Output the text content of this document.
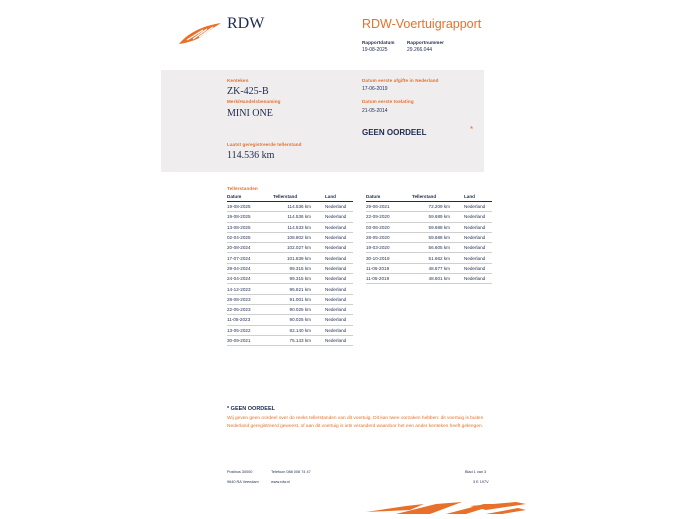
RDW	RDW-Voertuigrapport
Rapportdatum
19-08-2025
Rapportnummer
29.266.044
Kenteken
ZK-425-B
Merk/Handelsbenaming
MINI ONE
Laatst geregistreerde tellerstand
114.536 km
Datum eerste afgifte in Nederland
17-06-2019
Datum eerste toelating
21-05-2014
GEEN OORDEEL	*
Tellerstanden
Datum	Tellerstand	Land
19-08-2025	114.536 km	Nederland
19-08-2025	114.536 km	Nederland
13-08-2025	114.533 km	Nederland
02-04-2025	108.802 km	Nederland
20-08-2024	102.027 km	Nederland
17-07-2024	101.839 km	Nederland
29-04-2024	99.315 km	Nederland
24-04-2024	99.315 km	Nederland
14-12-2023	95.621 km	Nederland
28-08-2023	91.001 km	Nederland
22-05-2023	90.025 km	Nederland
11-05-2023	90.025 km	Nederland
13-05-2022	82.140 km	Nederland
30-09-2021	75.143 km	Nederland
Datum	Tellerstand	Land
29-06-2021	72.209 km	Nederland
22-09-2020	59.689 km	Nederland
03-06-2020	59.688 km	Nederland
28-05-2020	59.688 km	Nederland
19-03-2020	56.605 km	Nederland
30-10-2019	51.662 km	Nederland
11-06-2019	48.677 km	Nederland
11-05-2019	48.601 km	Nederland
* GEEN OORDEEL
Wij geven geen oordeel over de reeks tellerstanden van dit voertuig. Dit kan twee oorzaken hebben: dit voertuig is buiten Nederland geregistreerd geweest, of aan dit voertuig is iets veranderd waardoor het een ander kenteken heeft gekregen.
Postbus 30000
9640 RA Veendam
Telefoon 088 008 74 47
www.rdw.nl
Blad 1 van 3
3 E 197V
